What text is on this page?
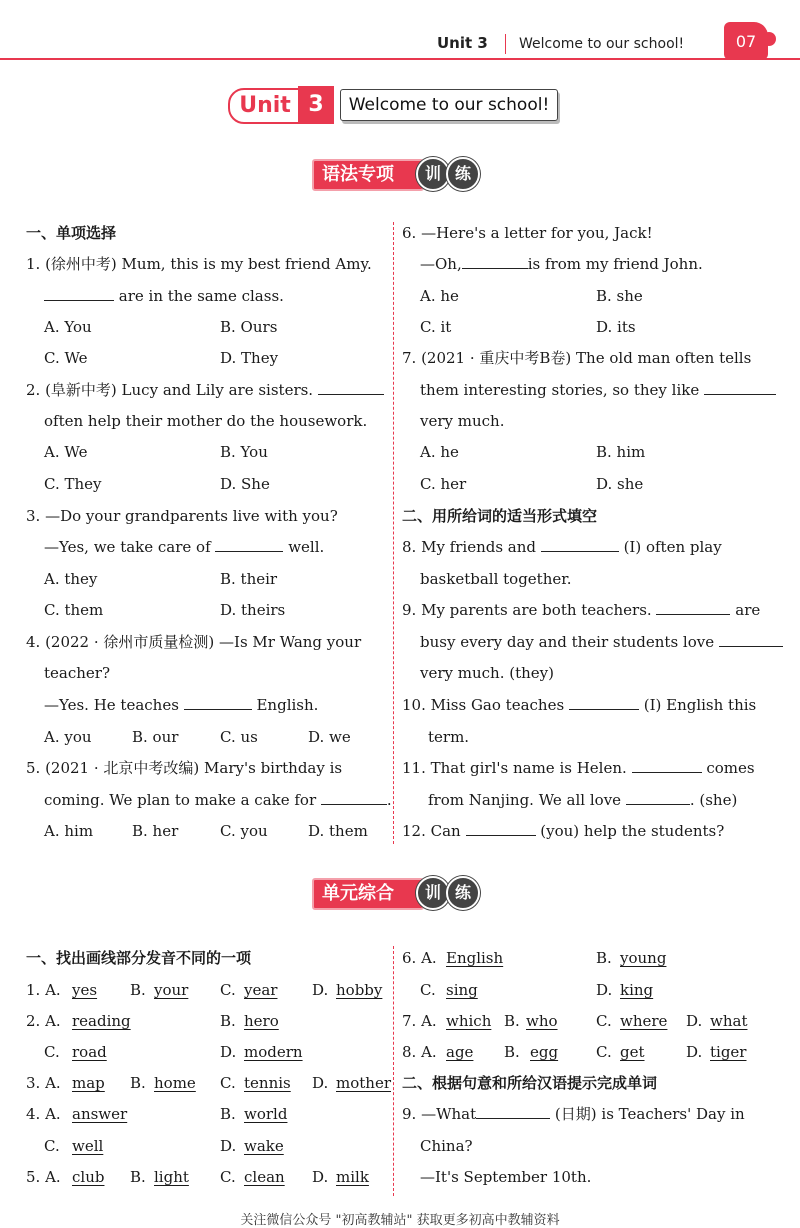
Unit 3 Welcome to our school!	07
Unit 3	Welcome to our school!
语法专项	训 练
一、单项选择
1. (徐州中考) Mum, this is my best friend Amy.
are in the same class.
A. You	B. Ours
C. We	D. They
2. (阜新中考) Lucy and Lily are sisters.
often help their mother do the housework.
A. We	B. You
C. They	D. She
3. —Do your grandparents live with you?
—Yes, we take care of	well.
A. they	B. their
C. them	D. theirs
4. (2022 · 徐州市质量检测) —Is Mr Wang your
teacher?
—Yes. He teaches	English.
A. you	B. our	C. us	D. we
5. (2021 · 北京中考改编) Mary's birthday is
coming. We plan to make a cake for	.
A. him	B. her	C. you	D. them
6. —Here's a letter for you, Jack!
—Oh,	is from my friend John.
A. he	B. she
C. it	D. its
7. (2021 · 重庆中考B卷) The old man often tells
them interesting stories, so they like
very much.
A. he	B. him
C. her	D. she
二、用所给词的适当形式填空
8. My friends and	(I) often play
basketball together.
9. My parents are both teachers.	are
busy every day and their students love
very much. (they)
10. Miss Gao teaches	(I) English this
term.
11. That girl's name is Helen.	comes
from Nanjing. We all love	. (she)
12. Can	(you) help the students?
单元综合	训 练
一、找出画线部分发音不同的一项
1. A. yes B. your C. year D. hobby
2. A. reading	B. hero
C. road	D. modern
3. A. map B. home C. tennis D. mother
4. A. answer	B. world
C. well	D. wake
5. A. club B. light C. clean D. milk
6. A. English	B. young
C. sing	D. king
7. A. which B. who	C. where D. what
8. A. age B. egg	C. get	D. tiger
二、根据句意和所给汉语提示完成单词
9. —What	(日期) is Teachers' Day in
China?
—It's September 10th.
关注微信公众号 "初高教辅站" 获取更多初高中教辅资料
